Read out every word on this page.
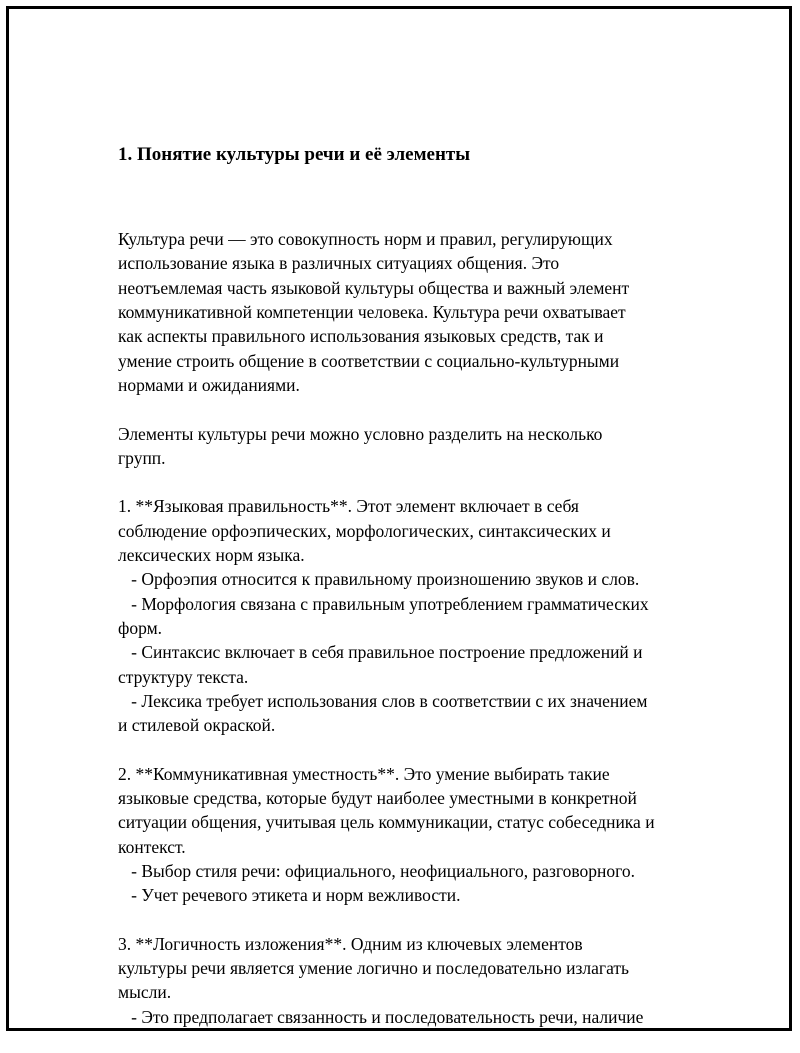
1. Понятие культуры речи и её элементы

Культура речи — это совокупность норм и правил, регулирующих
использование языка в различных ситуациях общения. Это
неотъемлемая часть языковой культуры общества и важный элемент
коммуникативной компетенции человека. Культура речи охватывает
как аспекты правильного использования языковых средств, так и
умение строить общение в соответствии с социально-культурными
нормами и ожиданиями.

Элементы культуры речи можно условно разделить на несколько
групп.

1. **Языковая правильность**. Этот элемент включает в себя
соблюдение орфоэпических, морфологических, синтаксических и
лексических норм языка.
- Орфоэпия относится к правильному произношению звуков и слов.
- Морфология связана с правильным употреблением грамматических
форм.
- Синтаксис включает в себя правильное построение предложений и
структуру текста.
- Лексика требует использования слов в соответствии с их значением
и стилевой окраской.

2. **Коммуникативная уместность**. Это умение выбирать такие
языковые средства, которые будут наиболее уместными в конкретной
ситуации общения, учитывая цель коммуникации, статус собеседника и
контекст.
- Выбор стиля речи: официального, неофициального, разговорного.
- Учет речевого этикета и норм вежливости.

3. **Логичность изложения**. Одним из ключевых элементов
культуры речи является умение логично и последовательно излагать
мысли.
- Это предполагает связанность и последовательность речи, наличие
